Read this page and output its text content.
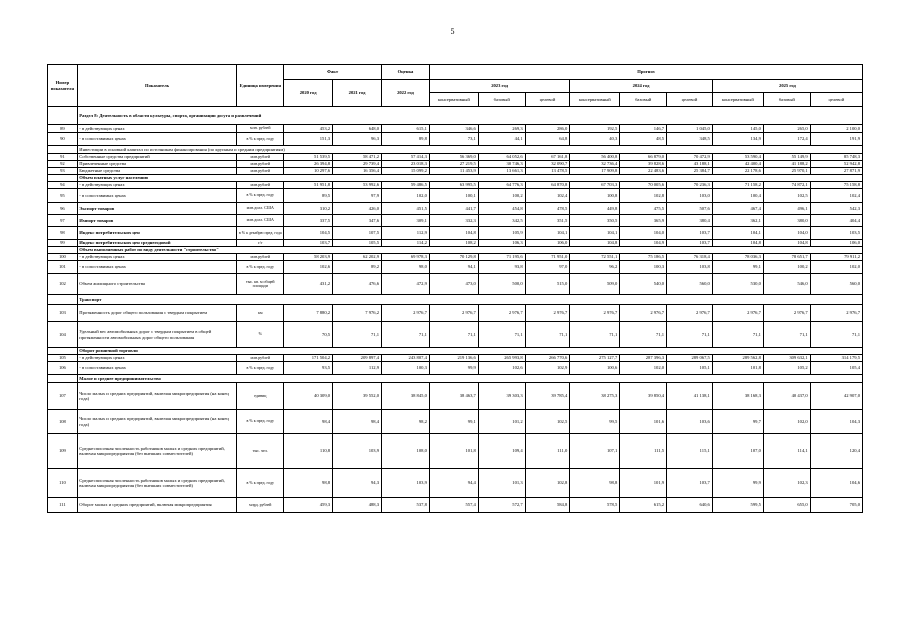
5
Номер показателя	Показатель	Единица измерения	Факт		Оценка	Прогноз								
			2020 год	2021 год	2022 год	2023 год			2024 год			2025 год		
						консервативный	базовый	целевой	консервативный	базовый	целевой	консервативный	базовый	целевой
	Раздел 8: Деятельность в области культуры, спорта, организации досуга и развлечений													
89	- в действующих ценах	млн. рублей	453,2	648,0	615,1	346,6	269,3	286,0	192,5	146,7	1 045,0	145,0	265,0	2 100,0
90	- в сопоставимых ценах	в % к пред. году	151,3	96,3	89,8	73,1	44,1	64,8	40,3	48,5	348,5	134,9	172,4	191,9
	Инвестиции в основной капитал по источникам финансирования (по крупным и средним предприятиям)													
91	Собственные средства предприятий	млн.рублей	51 539,5	58 471,2	57 414,3	56 369,0	64 052,6	67 161,8	56 400,8	66 879,0	70 472,9	53 590,4	55 149,9	85 748,3
92	Привлеченные средства	млн.рублей	26 394,8	29 739,4	23 018,3	27 219,5	30 746,3	32 090,7	32 736,4	39 828,6	43 188,1	42 400,4	41 188,2	52 942,8
93	Бюджетные средства	млн.рублей	10 297,6	16 356,4	15 099,2	11 453,9	13 661,3	13 478,5	17 909,8	22 483,6	25 384,7	22 178,6	25 970,1	27 871,9
	Объем платных услуг населению													
94	- в действующих ценах	млн.рублей	51 951,8	53 992,6	59 486,5	63 995,5	64 776,3	64 870,8	67 703,3	70 005,6	70 236,3	71 158,2	74 872,1	75 158,8
95	- в сопоставимых ценах	в % к пред. году	89,5	97,9	102,0	100,1	100,2	102,4	100,8	102,8	103,0	100,4	102,5	102,4
96	Экспорт товаров	млн.долл. США	310,2	426,0	451,5	441,7	454,8	478,5	449,8	475,5	507,6	467,4	496,1	542,3
97	Импорт товаров	млн.долл. США	337,5	347,6	309,1	332,3	342,5	351,5	350,5	365,9	380,4	362,1	380,0	404,4
98	Индекс потребительских цен	в % к декабрю пред. года	104,5	107,5	112,9	104,8	105,9	104,1	104,1	104,0	103,7	104,1	104,0	103,5
99	Индекс потребительских цен среднегодовой	г/г	103,7	105,5	114,2	108,2	106,3	106,0	104,8	104,9	103,7	104,8	104,8	106,0
	Объем выполненных работ по виду деятельности "строительство"													
100	- в действующих ценах	млн.рублей	58 203,9	62 202,9	69 978,3	70 129,8	71 195,6	71 951,0	72 551,1	75 186,5	76 318,4	78 036,3	78 651,7	79 911,2
101	- в сопоставимых ценах	в % к пред. году	102,6	89,2	98,0	94,1	93,8	97,0	96,2	100,3	103,8	99,1	100,2	102,0
102	Объем жилищного строительства	тыс. кв. м общей площади	431,2	476,6	472,9	473,0	500,0	515,0	509,0	540,0	560,0	530,0	546,0	560,0
	Транспорт													
103	Протяженность дорог общего пользования с твердым покрытием	км	7 880,2	7 976,2	2 976,7	2 976,7	2 976,7	2 976,7	2 976,7	2 976,7	2 976,7	2 976,7	2 976,7	2 976,7
104	Удельный вес автомобильных дорог с твердым покрытием в общей протяженности автомобильных дорог общего пользования	%	70,5	71,1	71,1	71,1	71,1	71,1	71,1	71,1	71,1	71,1	71,1	71,1
	Оборот розничной торговли													
105	- в действующих ценах	млн.рублей	171 504,2	209 897,4	243 807,4	219 136,6	265 993,8	266 770,6	275 127,7	287 396,3	289 067,5	289 562,8	309 632,1	314 179,5
106	- в сопоставимых ценах	в % к пред. году	93,5	112,9	100,3	99,9	102,6	102,9	100,6	102,0	105,1	101,8	105,2	105,4
	Малое и среднее предпринимательство													
107	Число малых и средних предприятий, включая микропредприятия (на конец года)	единиц	40 309,0	39 552,0	38 845,0	38 463,7	39 303,3	39 785,4	38 275,3	39 850,4	41 138,1	38 168,3	40 437,0	42 907,0
108	Число малых и средних предприятий, включая микропредприятия (на конец года)	в % к пред. году	98,4	98,4	98,2	99,1	101,2	102,5	99,5	101,6	103,6	99,7	102,0	104,3
109	Среднесписочная численность работников малых и средних предприятий, включая микропредприятия (без внешних совместителей)	тыс. чел.	110,8	103,9	108,0	101,8	109,4	111,0	107,1	111,5	115,1	107,0	114,1	120,4
110	Среднесписочная численность работников малых и средних предприятий, включая микропредприятия (без внешних совместителей)	в % к пред. году	98,8	94,3	103,9	94,4	101,3	102,8	98,8	101,9	103,7	99,9	102,3	104,6
111	Оборот малых и средних предприятий, включая микропредприятия	млрд. рублей	459,3	488,3	537,8	557,4	572,7	584,8	578,5	615,2	640,6	599,5	655,0	705,0
